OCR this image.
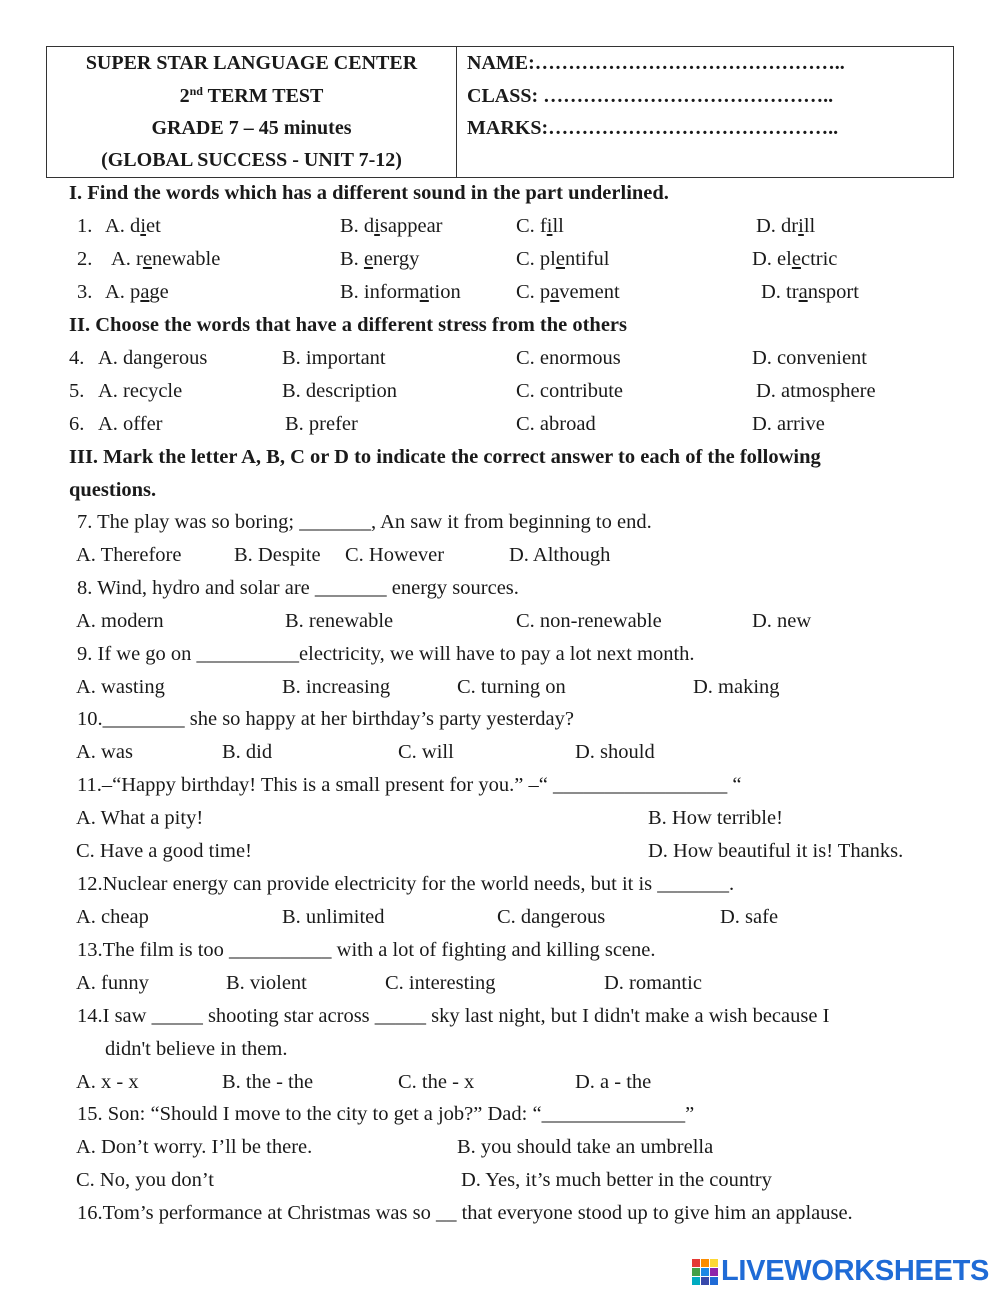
SUPER STAR LANGUAGE CENTER
2nd TERM TEST
GRADE 7 – 45 minutes
(GLOBAL SUCCESS - UNIT 7-12)
NAME:………………………………………..
CLASS: ……………………………………..
MARKS:……………………………………..
I. Find the words which has a different sound in the part underlined.
1. A. diet	B. disappear	C. fill	D. drill
2. A. renewable	B. energy	C. plentiful	D. electric
3. A. page	B. information	C. pavement	D. transport
II. Choose the words that have a different stress from the others
4. A. dangerous	B. important	C. enormous	D. convenient
5. A. recycle	B. description	C. contribute	D. atmosphere
6. A. offer	B. prefer	C. abroad	D. arrive
III. Mark the letter A, B, C or D to indicate the correct answer to each of the following
questions.
7. The play was so boring; _______, An saw it from beginning to end.
A. Therefore	B. Despite C. However	D. Although
8. Wind, hydro and solar are _______ energy sources.
A. modern	B. renewable	C. non-renewable	D. new
9. If we go on __________electricity, we will have to pay a lot next month.
A. wasting	B. increasing	C. turning on	D. making
10.________ she so happy at her birthday’s party yesterday?
A. was	B. did	C. will	D. should
11.–“Happy birthday! This is a small present for you.” –“ _________________ “
A. What a pity!	B. How terrible!
C. Have a good time!	D. How beautiful it is! Thanks.
12.Nuclear energy can provide electricity for the world needs, but it is _______.
A. cheap	B. unlimited	C. dangerous	D. safe
13.The film is too __________ with a lot of fighting and killing scene.
A. funny	B. violent	C. interesting	D. romantic
14.I saw _____ shooting star across _____ sky last night, but I didn't make a wish because I
didn't believe in them.
A. x - x	B. the - the	C. the - x	D. a - the
15. Son: “Should I move to the city to get a job?” Dad: “______________”
A. Don’t worry. I’ll be there.	B. you should take an umbrella
C. No, you don’t	D. Yes, it’s much better in the country
16.Tom’s performance at Christmas was so __ that everyone stood up to give him an applause.
LIVEWORKSHEETS
